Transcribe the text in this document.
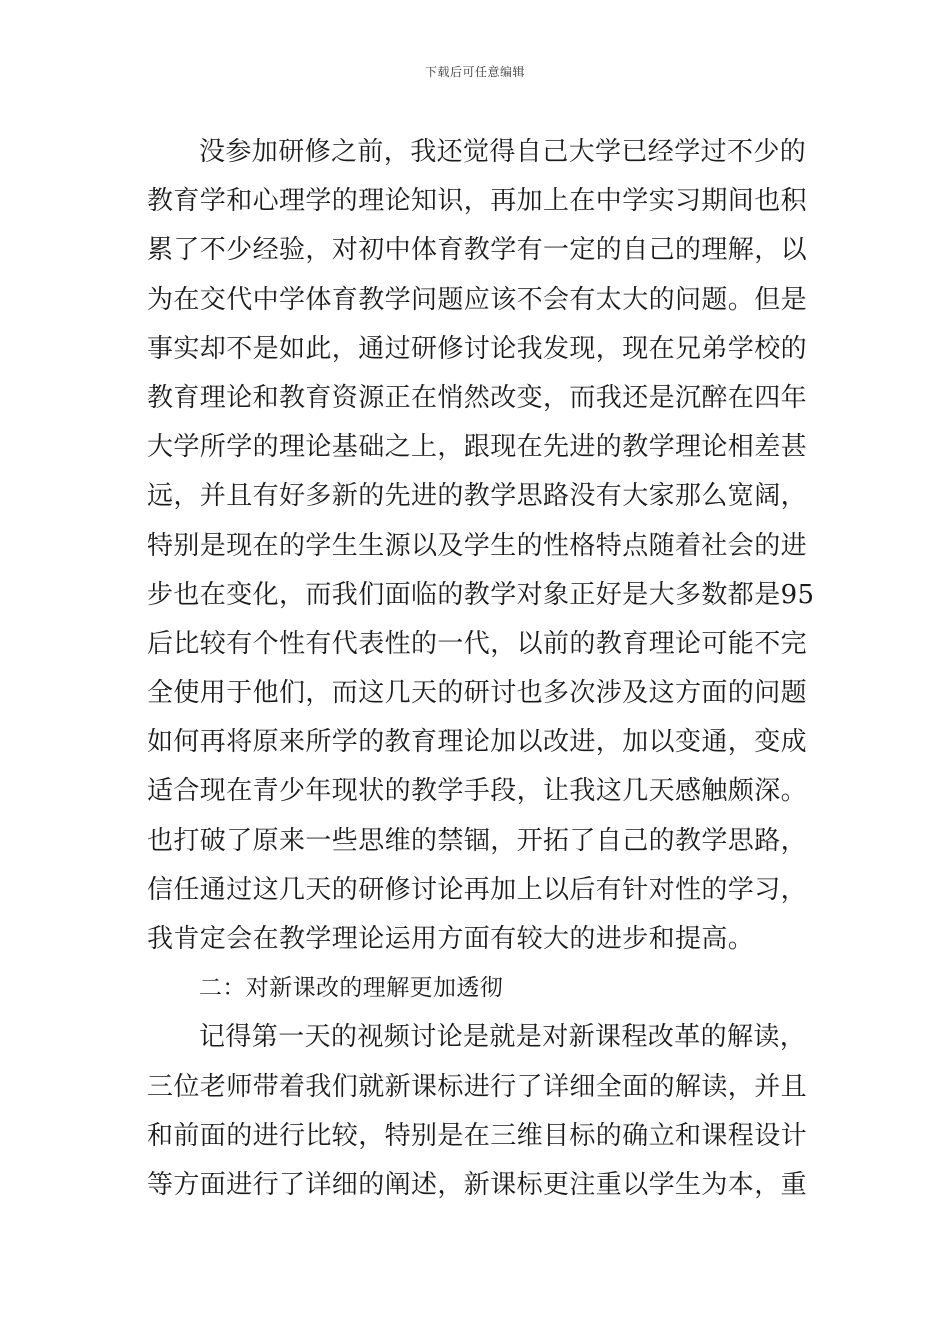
下载后可任意编辑
没参加研修之前，我还觉得自己大学已经学过不少的
教育学和心理学的理论知识，再加上在中学实习期间也积
累了不少经验，对初中体育教学有一定的自己的理解，以
为在交代中学体育教学问题应该不会有太大的问题。但是
事实却不是如此，通过研修讨论我发现，现在兄弟学校的
教育理论和教育资源正在悄然改变，而我还是沉醉在四年
大学所学的理论基础之上，跟现在先进的教学理论相差甚
远，并且有好多新的先进的教学思路没有大家那么宽阔，
特别是现在的学生生源以及学生的性格特点随着社会的进
步也在变化，而我们面临的教学对象正好是大多数都是95
后比较有个性有代表性的一代，以前的教育理论可能不完
全使用于他们，而这几天的研讨也多次涉及这方面的问题
如何再将原来所学的教育理论加以改进，加以变通，变成
适合现在青少年现状的教学手段，让我这几天感触颇深。
也打破了原来一些思维的禁锢，开拓了自己的教学思路，
信任通过这几天的研修讨论再加上以后有针对性的学习，
我肯定会在教学理论运用方面有较大的进步和提高。
二：对新课改的理解更加透彻
记得第一天的视频讨论是就是对新课程改革的解读，
三位老师带着我们就新课标进行了详细全面的解读，并且
和前面的进行比较，特别是在三维目标的确立和课程设计
等方面进行了详细的阐述，新课标更注重以学生为本，重
